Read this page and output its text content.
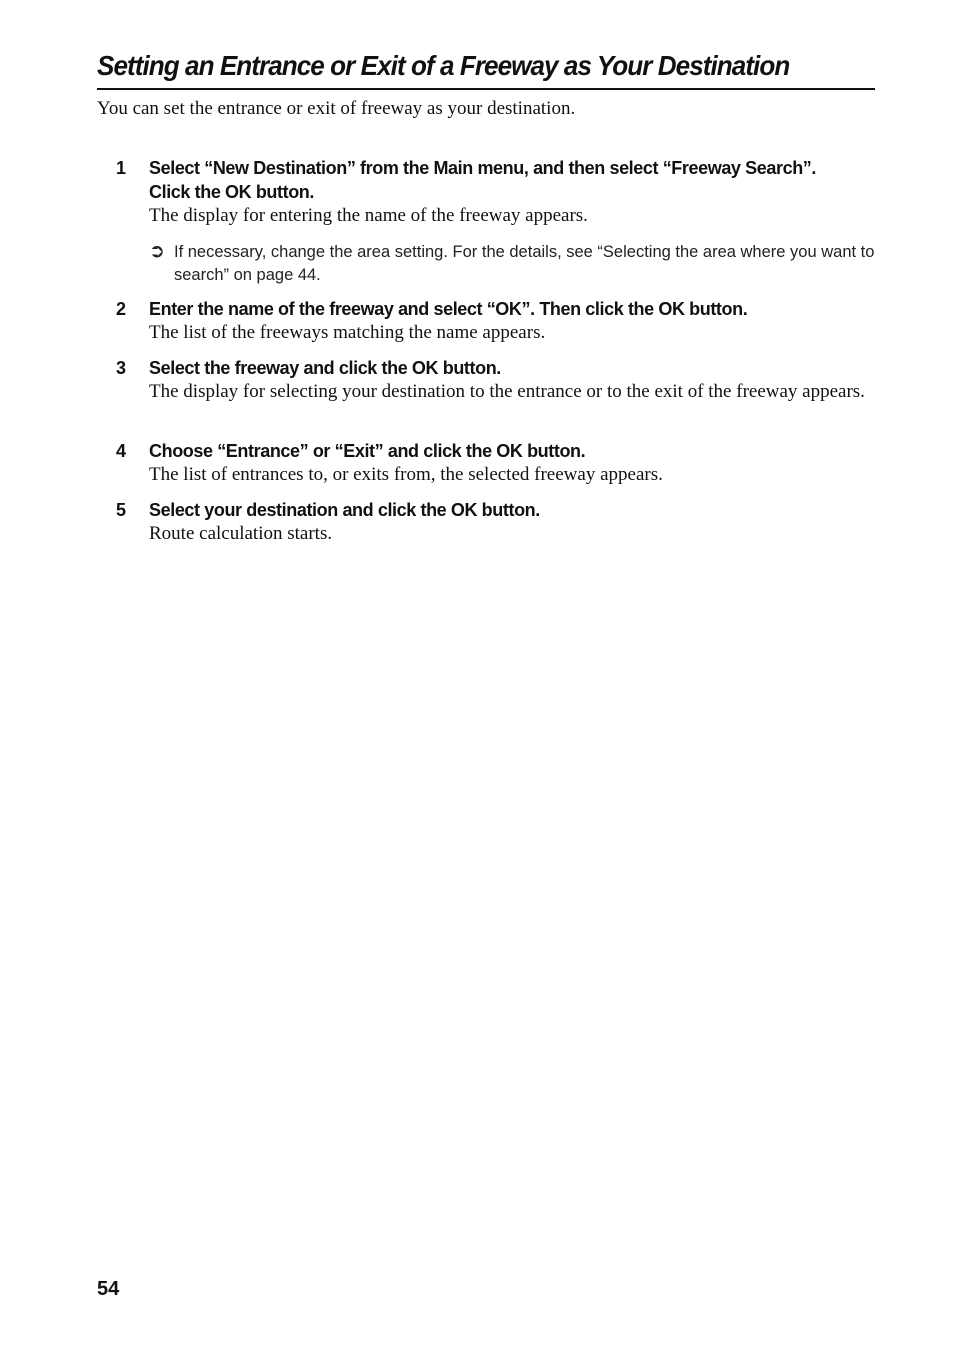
Setting an Entrance or Exit of a Freeway as Your Destination

You can set the entrance or exit of freeway as your destination.

1 Select “New Destination” from the Main menu, and then select “Freeway Search”.
Click the OK button.

The display for entering the name of the freeway appears.

➲ If necessary, change the area setting. For the details, see “Selecting the area where you want to search” on page 44.
2 Enter the name of the freeway and select “OK”. Then click the OK button.

The list of the freeways matching the name appears.

3 Select the freeway and click the OK button.

The display for selecting your destination to the entrance or to the exit of the freeway appears.

4 Choose “Entrance” or “Exit” and click the OK button.

The list of entrances to, or exits from, the selected freeway appears.

5 Select your destination and click the OK button.

Route calculation starts.

54
